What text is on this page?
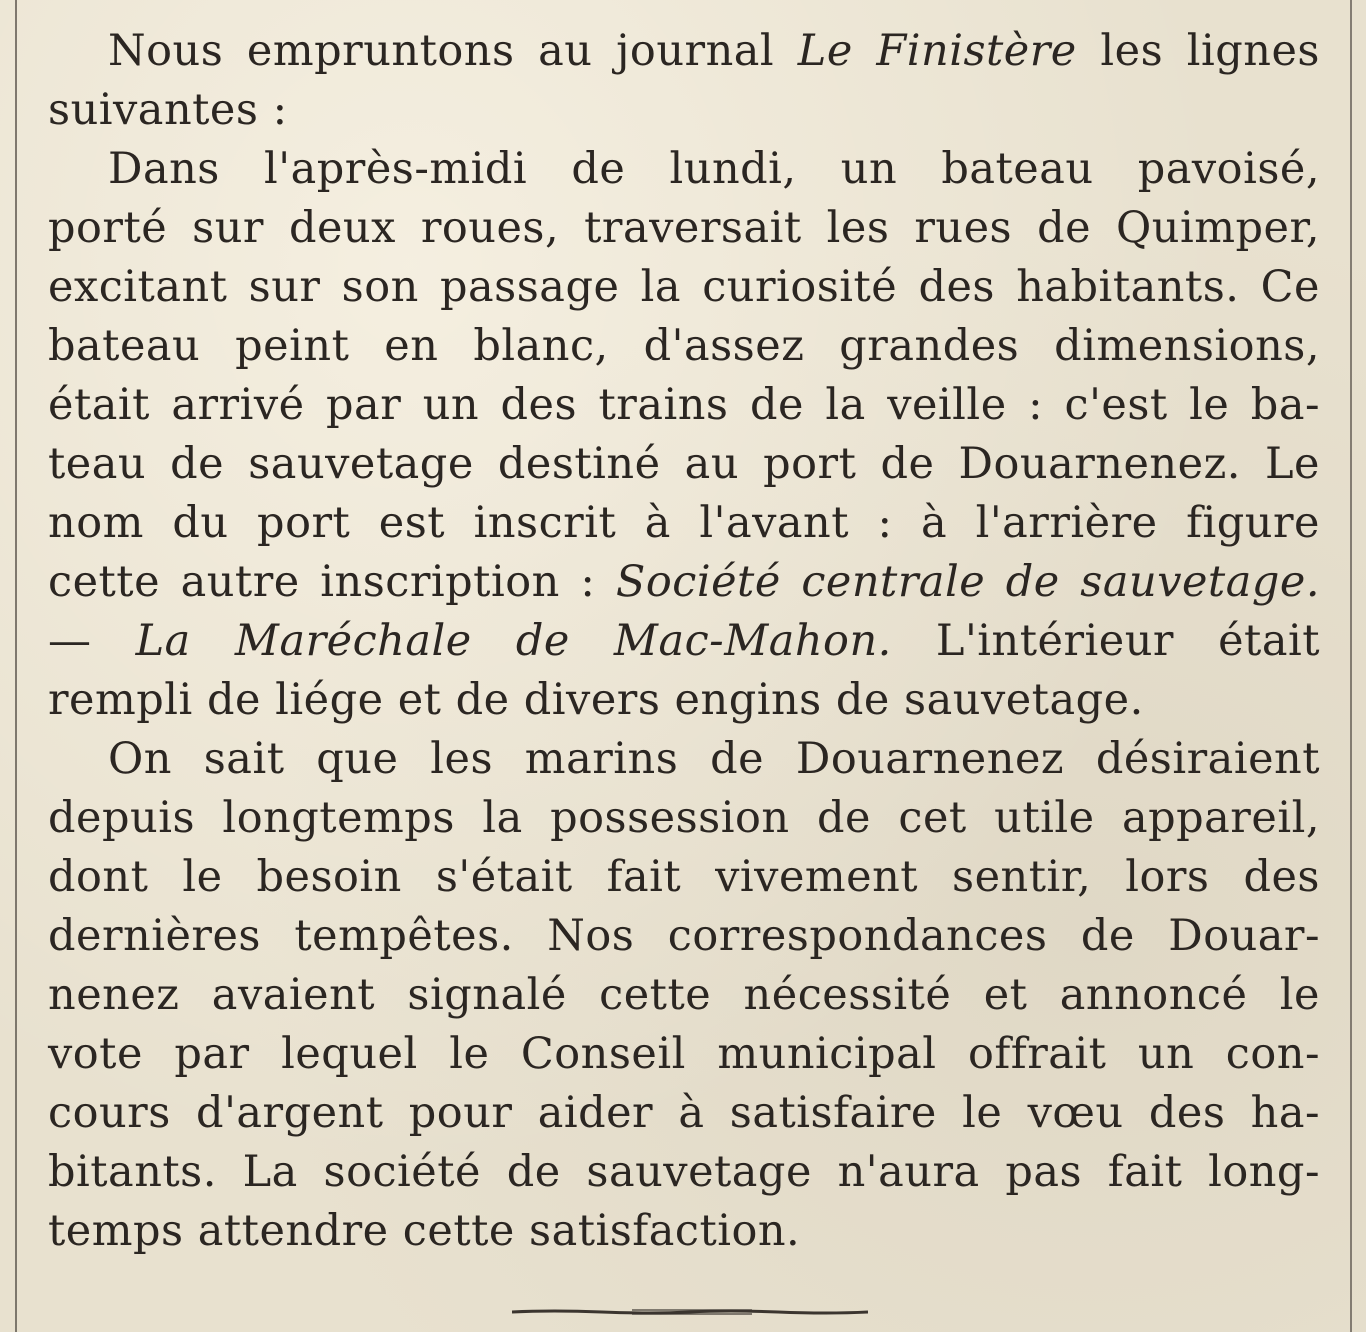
Nous empruntons au journal Le Finistère les lignes
suivantes :
Dans l'après-midi de lundi, un bateau pavoisé,
porté sur deux roues, traversait les rues de Quimper,
excitant sur son passage la curiosité des habitants. Ce
bateau peint en blanc, d'assez grandes dimensions,
était arrivé par un des trains de la veille : c'est le ba-
teau de sauvetage destiné au port de Douarnenez. Le
nom du port est inscrit à l'avant : à l'arrière figure
cette autre inscription : Société centrale de sauvetage.
— La Maréchale de Mac-Mahon. L'intérieur était
rempli de liége et de divers engins de sauvetage.
On sait que les marins de Douarnenez désiraient
depuis longtemps la possession de cet utile appareil,
dont le besoin s'était fait vivement sentir, lors des
dernières tempêtes. Nos correspondances de Douar-
nenez avaient signalé cette nécessité et annoncé le
vote par lequel le Conseil municipal offrait un con-
cours d'argent pour aider à satisfaire le vœu des ha-
bitants. La société de sauvetage n'aura pas fait long-
temps attendre cette satisfaction.
